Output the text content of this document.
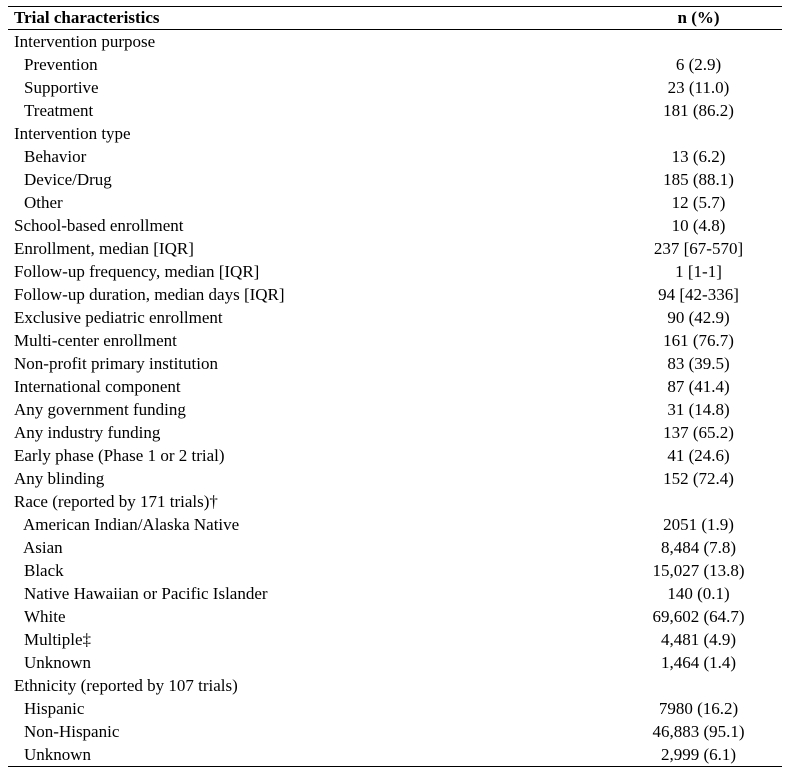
Trial characteristics	n (%)
Intervention purpose
Prevention	6 (2.9)
Supportive	23 (11.0)
Treatment	181 (86.2)
Intervention type
Behavior	13 (6.2)
Device/Drug	185 (88.1)
Other	12 (5.7)
School-based enrollment	10 (4.8)
Enrollment, median [IQR]	237 [67-570]
Follow-up frequency, median [IQR]	1 [1-1]
Follow-up duration, median days [IQR]	94 [42-336]
Exclusive pediatric enrollment	90 (42.9)
Multi-center enrollment	161 (76.7)
Non-profit primary institution	83 (39.5)
International component	87 (41.4)
Any government funding	31 (14.8)
Any industry funding	137 (65.2)
Early phase (Phase 1 or 2 trial)	41 (24.6)
Any blinding	152 (72.4)
Race (reported by 171 trials)†
American Indian/Alaska Native	2051 (1.9)
Asian	8,484 (7.8)
Black	15,027 (13.8)
Native Hawaiian or Pacific Islander	140 (0.1)
White	69,602 (64.7)
Multiple‡	4,481 (4.9)
Unknown	1,464 (1.4)
Ethnicity (reported by 107 trials)
Hispanic	7980 (16.2)
Non-Hispanic	46,883 (95.1)
Unknown	2,999 (6.1)
